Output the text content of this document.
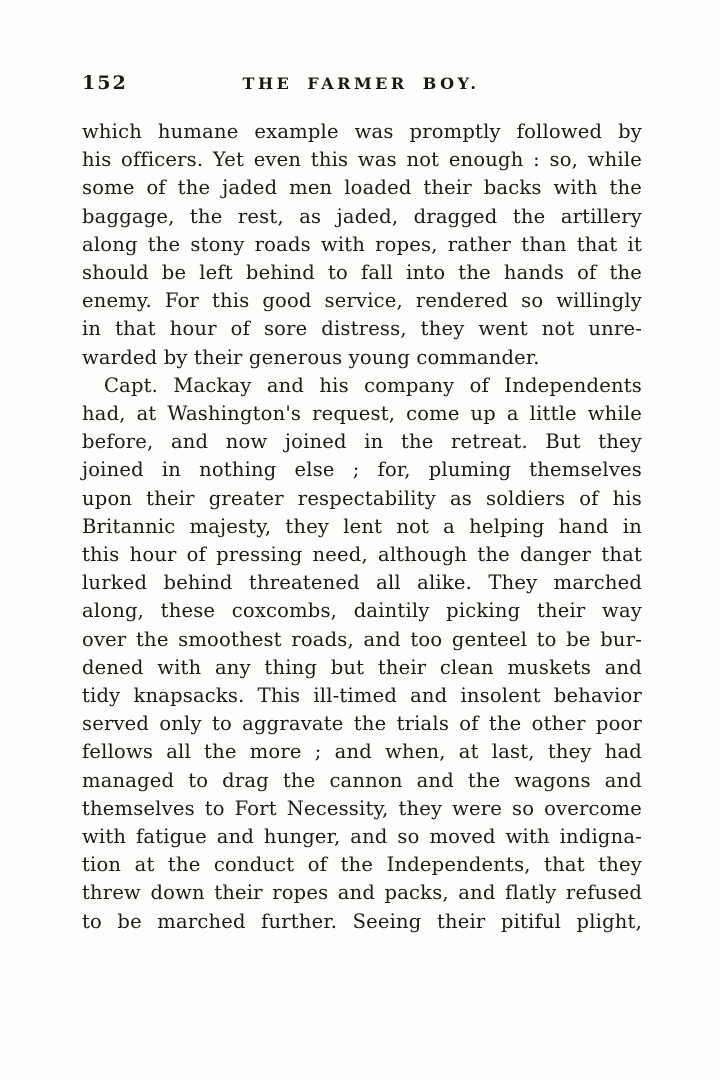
152	THE FARMER BOY.
which humane example was promptly followed by
his officers. Yet even this was not enough : so, while
some of the jaded men loaded their backs with the
baggage, the rest, as jaded, dragged the artillery
along the stony roads with ropes, rather than that it
should be left behind to fall into the hands of the
enemy. For this good service, rendered so willingly
in that hour of sore distress, they went not unre-
warded by their generous young commander.
Capt. Mackay and his company of Independents
had, at Washington's request, come up a little while
before, and now joined in the retreat. But they
joined in nothing else ; for, pluming themselves
upon their greater respectability as soldiers of his
Britannic majesty, they lent not a helping hand in
this hour of pressing need, although the danger that
lurked behind threatened all alike. They marched
along, these coxcombs, daintily picking their way
over the smoothest roads, and too genteel to be bur-
dened with any thing but their clean muskets and
tidy knapsacks. This ill-timed and insolent behavior
served only to aggravate the trials of the other poor
fellows all the more ; and when, at last, they had
managed to drag the cannon and the wagons and
themselves to Fort Necessity, they were so overcome
with fatigue and hunger, and so moved with indigna-
tion at the conduct of the Independents, that they
threw down their ropes and packs, and flatly refused
to be marched further. Seeing their pitiful plight,
